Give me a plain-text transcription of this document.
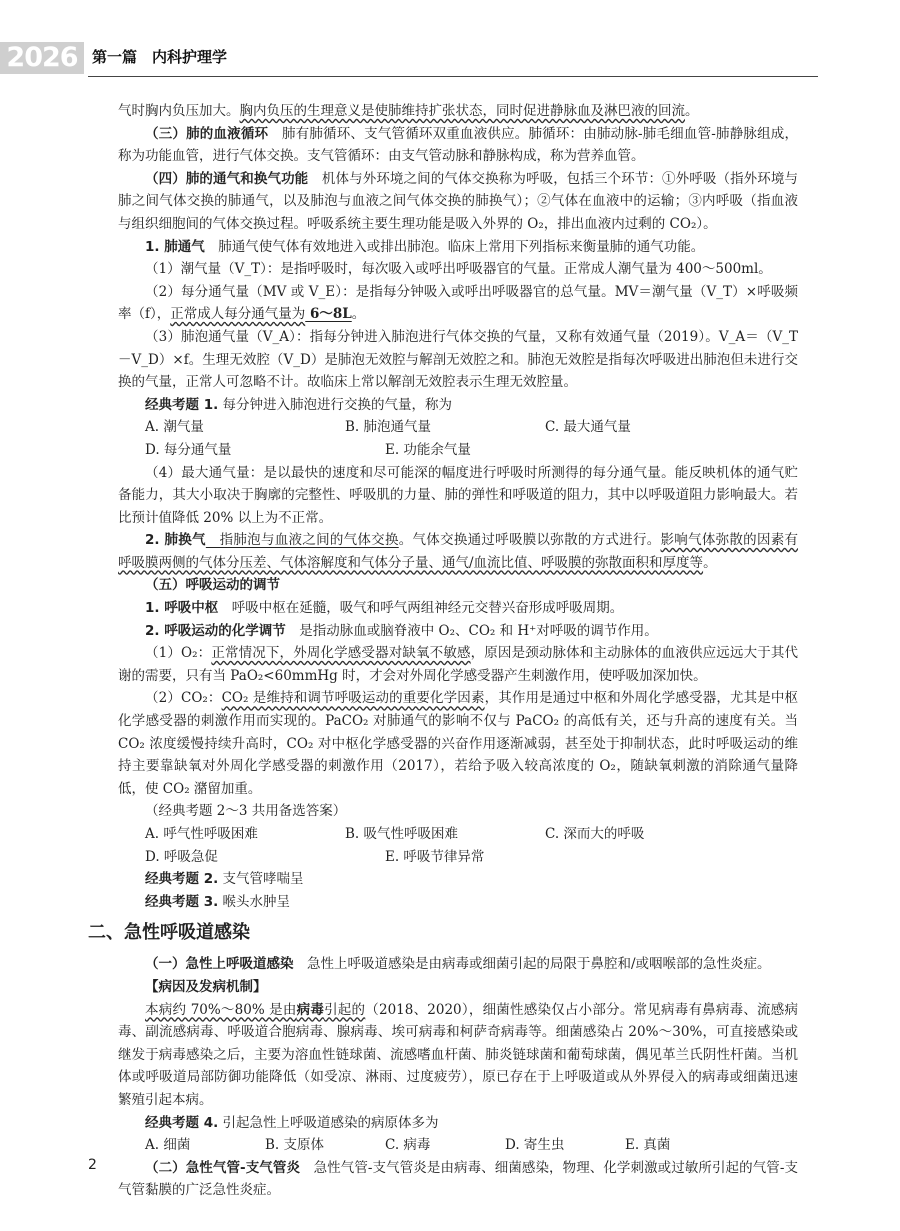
2026 第一篇　内科护理学

气时胸内负压加大。胸内负压的生理意义是使肺维持扩张状态，同时促进静脉血及淋巴液的回流。

（三）肺的血液循环　肺有肺循环、支气管循环双重血液供应。肺循环：由肺动脉-肺毛细血管-肺静脉组成，称为功能血管，进行气体交换。支气管循环：由支气管动脉和静脉构成，称为营养血管。

（四）肺的通气和换气功能　机体与外环境之间的气体交换称为呼吸，包括三个环节：①外呼吸（指外环境与肺之间气体交换的肺通气，以及肺泡与血液之间气体交换的肺换气）；②气体在血液中的运输；③内呼吸（指血液与组织细胞间的气体交换过程。呼吸系统主要生理功能是吸入外界的 O₂，排出血液内过剩的 CO₂）。

1. 肺通气　肺通气使气体有效地进入或排出肺泡。临床上常用下列指标来衡量肺的通气功能。

（1）潮气量（V_T）：是指呼吸时，每次吸入或呼出呼吸器官的气量。正常成人潮气量为 400～500ml。

（2）每分通气量（MV 或 V_E）：是指每分钟吸入或呼出呼吸器官的总气量。MV＝潮气量（V_T）×呼吸频率（f），正常成人每分通气量为 6～8L。

（3）肺泡通气量（V_A）：指每分钟进入肺泡进行气体交换的气量，又称有效通气量（2019）。V_A＝（V_T－V_D）×f。生理无效腔（V_D）是肺泡无效腔与解剖无效腔之和。肺泡无效腔是指每次呼吸进出肺泡但未进行交换的气量，正常人可忽略不计。故临床上常以解剖无效腔表示生理无效腔量。

经典考题 1. 每分钟进入肺泡进行交换的气量，称为

A. 潮气量	B. 肺泡通气量	C. 最大通气量
D. 每分通气量	E. 功能余气量

（4）最大通气量：是以最快的速度和尽可能深的幅度进行呼吸时所测得的每分通气量。能反映机体的通气贮备能力，其大小取决于胸廓的完整性、呼吸肌的力量、肺的弹性和呼吸道的阻力，其中以呼吸道阻力影响最大。若比预计值降低 20% 以上为不正常。

2. 肺换气　指肺泡与血液之间的气体交换。气体交换通过呼吸膜以弥散的方式进行。影响气体弥散的因素有呼吸膜两侧的气体分压差、气体溶解度和气体分子量、通气/血流比值、呼吸膜的弥散面积和厚度等。

（五）呼吸运动的调节

1. 呼吸中枢　呼吸中枢在延髓，吸气和呼气两组神经元交替兴奋形成呼吸周期。

2. 呼吸运动的化学调节　是指动脉血或脑脊液中 O₂、CO₂ 和 H⁺对呼吸的调节作用。

（1）O₂：正常情况下，外周化学感受器对缺氧不敏感，原因是颈动脉体和主动脉体的血液供应远远大于其代谢的需要，只有当 PaO₂<60mmHg 时，才会对外周化学感受器产生刺激作用，使呼吸加深加快。

（2）CO₂：CO₂ 是维持和调节呼吸运动的重要化学因素，其作用是通过中枢和外周化学感受器，尤其是中枢化学感受器的刺激作用而实现的。PaCO₂ 对肺通气的影响不仅与 PaCO₂ 的高低有关，还与升高的速度有关。当 CO₂ 浓度缓慢持续升高时，CO₂ 对中枢化学感受器的兴奋作用逐渐减弱，甚至处于抑制状态，此时呼吸运动的维持主要靠缺氧对外周化学感受器的刺激作用（2017），若给予吸入较高浓度的 O₂，随缺氧刺激的消除通气量降低，使 CO₂ 潴留加重。

（经典考题 2～3 共用备选答案）

A. 呼气性呼吸困难	B. 吸气性呼吸困难	C. 深而大的呼吸
D. 呼吸急促	E. 呼吸节律异常

经典考题 2. 支气管哮喘呈

经典考题 3. 喉头水肿呈

二、急性呼吸道感染

（一）急性上呼吸道感染　急性上呼吸道感染是由病毒或细菌引起的局限于鼻腔和/或咽喉部的急性炎症。

【病因及发病机制】

本病约 70%～80% 是由病毒引起的（2018、2020），细菌性感染仅占小部分。常见病毒有鼻病毒、流感病毒、副流感病毒、呼吸道合胞病毒、腺病毒、埃可病毒和柯萨奇病毒等。细菌感染占 20%～30%，可直接感染或继发于病毒感染之后，主要为溶血性链球菌、流感嗜血杆菌、肺炎链球菌和葡萄球菌，偶见革兰氏阴性杆菌。当机体或呼吸道局部防御功能降低（如受凉、淋雨、过度疲劳），原已存在于上呼吸道或从外界侵入的病毒或细菌迅速繁殖引起本病。

经典考题 4. 引起急性上呼吸道感染的病原体多为

A. 细菌	B. 支原体	C. 病毒	D. 寄生虫	E. 真菌

（二）急性气管-支气管炎　急性气管-支气管炎是由病毒、细菌感染，物理、化学刺激或过敏所引起的气管-支气管黏膜的广泛急性炎症。

2
